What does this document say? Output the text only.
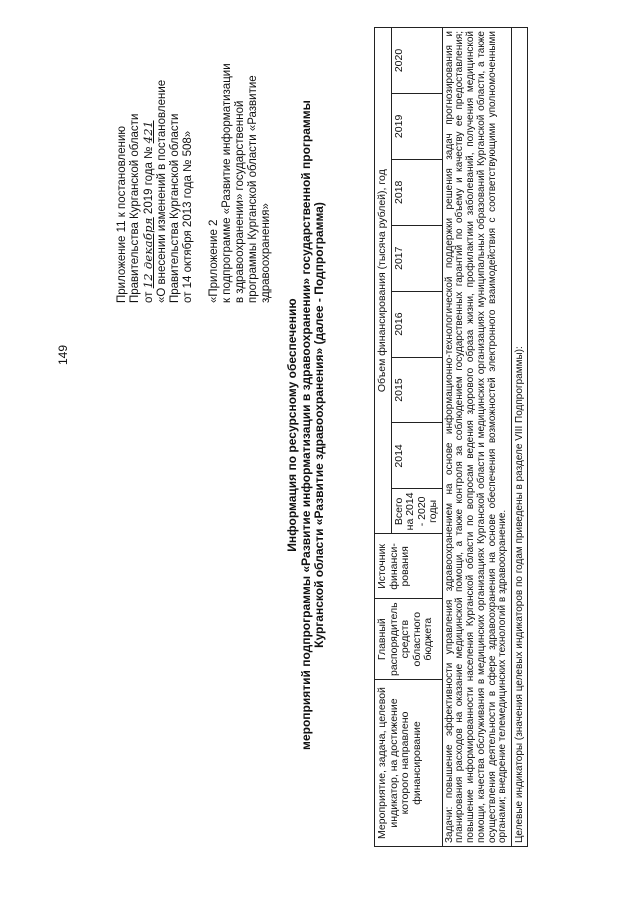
149
Приложение 11 к постановлению Правительства Курганской области от 12 декабря 2019 года № 421 «О внесении изменений в постановление Правительства Курганской области от 14 октября 2013 года № 508» «Приложение 2 к подпрограмме «Развитие информатизации в здравоохранении» государственной программы Курганской области «Развитие здравоохранения»
Информация по ресурсному обеспечению мероприятий подпрограммы «Развитие информатизации в здравоохранении» государственной программы Курганской области «Развитие здравоохранения» (далее - Подпрограмма)
Мероприятие, задача, целевой индикатор, на достижение которого направлено финансирование	Главный распорядитель средств областного бюджета	Источник финанси-рования	Объем финансирования (тысяча рублей), год							
			Всего на 2014 - 2020 годы	2014	2015	2016	2017	2018	2019	2020
Задачи: повышение эффективности управления здравоохранением на основе информационно-технологической поддержки решения задач прогнозирования и планирования расходов на оказание медицинской помощи, а также контроля за соблюдением государственных гарантий по объему и качеству ее предоставления; повышение информированности населения Курганской области по вопросам ведения здорового образа жизни, профилактики заболеваний, получения медицинской помощи, качества обслуживания в медицинских организациях Курганской области и медицинских организациях муниципальных образований Курганской области, а также осуществления деятельности в сфере здравоохранения на основе обеспечения возможностей электронного взаимодействия с соответствующими уполномоченными органами; внедрение телемедицинских технологий в здравоохранение.										
Целевые индикаторы (значения целевых индикаторов по годам приведены в разделе VIII Подпрограммы):										
